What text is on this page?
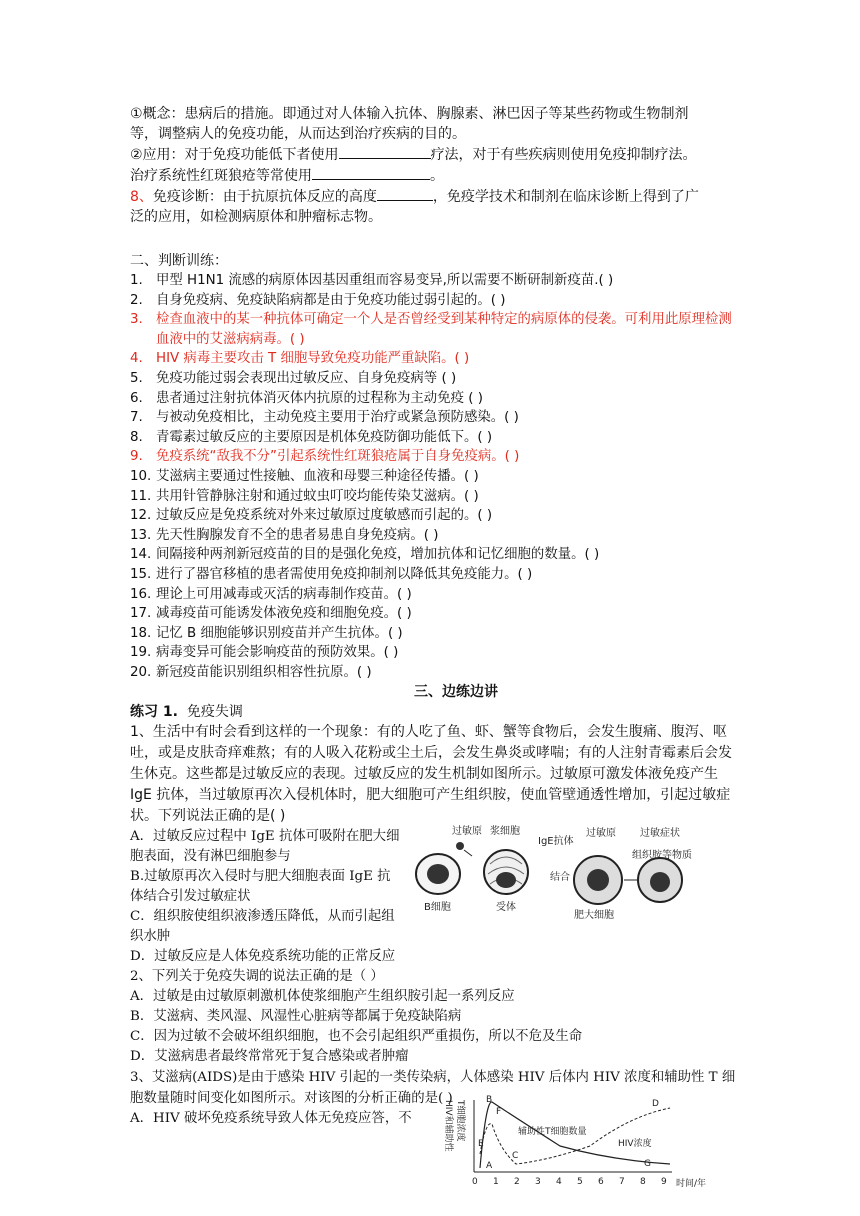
①概念：患病后的措施。即通过对人体输入抗体、胸腺素、淋巴因子等某些药物或生物制剂

等，调整病人的免疫功能，从而达到治疗疾病的目的。

②应用：对于免疫功能低下者使用	疗法，对于有些疾病则使用免疫抑制疗法。

治疗系统性红斑狼疮等常使用	。

8、免疫诊断：由于抗原抗体反应的高度	，免疫学技术和制剂在临床诊断上得到了广

泛的应用，如检测病原体和肿瘤标志物。

二、判断训练：

1. 甲型 H1N1 流感的病原体因基因重组而容易变异,所以需要不断研制新疫苗.( )
2. 自身免疫病、免疫缺陷病都是由于免疫功能过弱引起的。( )
3. 检查血液中的某一种抗体可确定一个人是否曾经受到某种特定的病原体的侵袭。可利用此原理检测血液中的艾滋病病毒。( )
4. HIV 病毒主要攻击 T 细胞导致免疫功能严重缺陷。( )
5. 免疫功能过弱会表现出过敏反应、自身免疫病等 ( )
6. 患者通过注射抗体消灭体内抗原的过程称为主动免疫 ( )
7. 与被动免疫相比，主动免疫主要用于治疗或紧急预防感染。( )
8. 青霉素过敏反应的主要原因是机体免疫防御功能低下。( )
9. 免疫系统“敌我不分”引起系统性红斑狼疮属于自身免疫病。( )
10. 艾滋病主要通过性接触、血液和母婴三种途径传播。( )
11. 共用针管静脉注射和通过蚊虫叮咬均能传染艾滋病。( )
12. 过敏反应是免疫系统对外来过敏原过度敏感而引起的。( )
13. 先天性胸腺发育不全的患者易患自身免疫病。( )
14. 间隔接种两剂新冠疫苗的目的是强化免疫，增加抗体和记忆细胞的数量。( )
15. 进行了器官移植的患者需使用免疫抑制剂以降低其免疫能力。( )
16. 理论上可用减毒或灭活的病毒制作疫苗。( )
17. 减毒疫苗可能诱发体液免疫和细胞免疫。( )
18. 记忆 B 细胞能够识别疫苗并产生抗体。( )
19. 病毒变异可能会影响疫苗的预防效果。( )
20. 新冠疫苗能识别组织相容性抗原。( )

三、边练边讲

练习 1. 免疫失调

1、生活中有时会看到这样的一个现象：有的人吃了鱼、虾、蟹等食物后，会发生腹痛、腹泻、呕吐，或是皮肤奇痒难熬；有的人吸入花粉或尘土后，会发生鼻炎或哮喘；有的人注射青霉素后会发生休克。这些都是过敏反应的表现。过敏反应的发生机制如图所示。过敏原可激发体液免疫产生 IgE 抗体，当过敏原再次入侵机体时，肥大细胞可产生组织胺，使血管壁通透性增加，引起过敏症状。下列说法正确的是( )

A．过敏反应过程中 IgE 抗体可吸附在肥大细胞表面，没有淋巴细胞参与

B.过敏原再次入侵时与肥大细胞表面 IgE 抗体结合引发过敏症状

C．组织胺使组织液渗透压降低，从而引起组织水肿

D．过敏反应是人体免疫系统功能的正常反应

2、下列关于免疫失调的说法正确的是（ ）

A．过敏是由过敏原刺激机体使浆细胞产生组织胺引起一系列反应

B．艾滋病、类风湿、风湿性心脏病等都属于免疫缺陷病

C．因为过敏不会破坏组织细胞，也不会引起组织严重损伤，所以不危及生命

D．艾滋病患者最终常常死于复合感染或者肿瘤

3、艾滋病(AIDS)是由于感染 HIV 引起的一类传染病，人体感染 HIV 后体内 HIV 浓度和辅助性 T 细胞数量随时间变化如图所示。对该图的分析正确的是( )

A．HIV 破坏免疫系统导致人体无免疫应答，不

B细胞
过敏原 浆细胞
IgE抗体
结合
受体
过敏原
肥大细胞
过敏症状
组织胺等物质
HIV和辅助性 T细胞浓度
0 1 2 3 4 5 6 7 8 9 时间/年
辅助性T细胞数量
HIV浓度
B
F
E
A
C
D
G
